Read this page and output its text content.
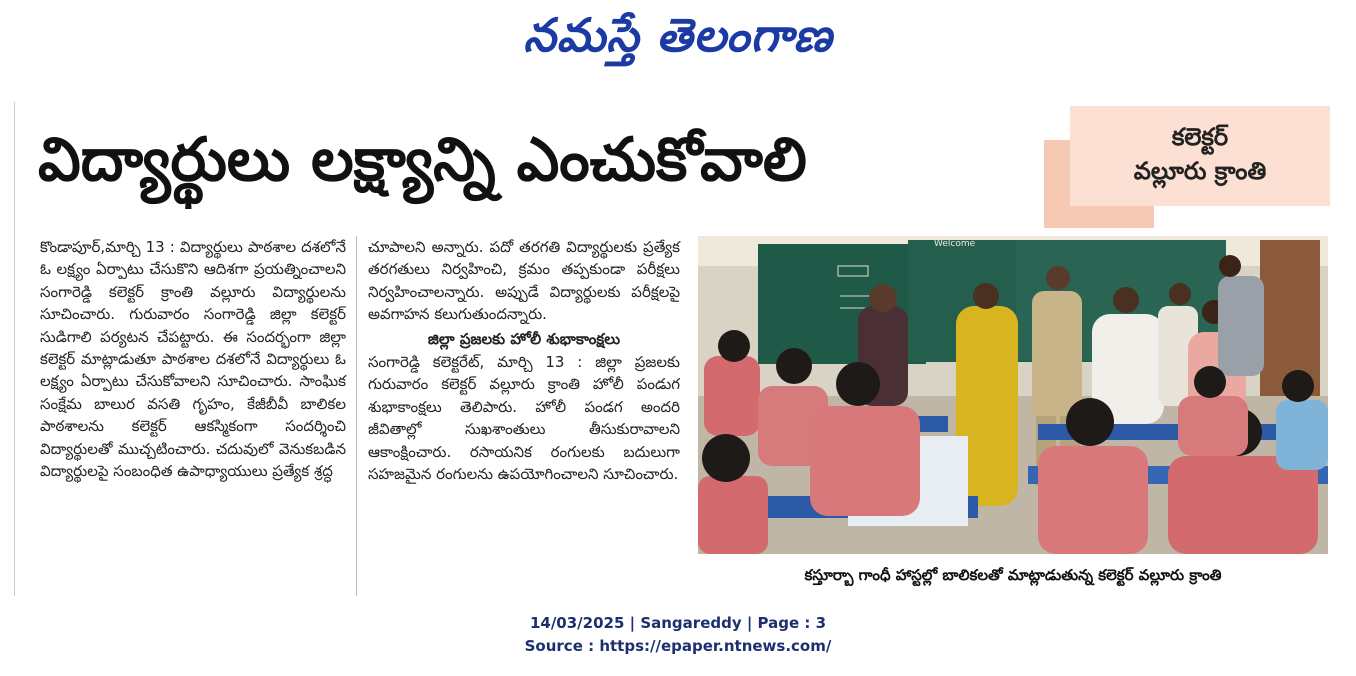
నమస్తే తెలంగాణ
విద్యార్థులు లక్ష్యాన్ని ఎంచుకోవాలి	కలెక్టర్
వల్లూరు క్రాంతి

కొండాపూర్,మార్చి 13 : విద్యార్థులు పాఠశాల దశలోనే ఓ లక్ష్యం ఏర్పాటు చేసుకొని ఆదిశగా ప్రయత్నించాలని సంగారెడ్డి కలెక్టర్ క్రాంతి వల్లూరు విద్యార్థులను సూచించారు. గురువారం సంగారెడ్డి జిల్లా కలెక్టర్ సుడిగాలి పర్యటన చేపట్టారు. ఈ సందర్భంగా జిల్లా కలెక్టర్ మాట్లాడుతూ పాఠశాల దశలోనే విద్యార్థులు ఓ లక్ష్యం ఏర్పాటు చేసుకోవాలని సూచించారు. సాంఘిక సంక్షేమ బాలుర వసతి గృహం, కేజీబీవీ బాలికల పాఠశాలను కలెక్టర్ ఆకస్మికంగా సందర్శించి విద్యార్థులతో ముచ్చటించారు. చదువులో వెనుకబడిన విద్యార్థులపై సంబంధిత ఉపాధ్యాయులు ప్రత్యేక శ్రద్ధ

చూపాలని అన్నారు. పదో తరగతి విద్యార్థులకు ప్రత్యేక తరగతులు నిర్వహించి, క్రమం తప్పకుండా పరీక్షలు నిర్వహించాలన్నారు. అప్పుడే విద్యార్థులకు పరీక్షలపై అవగాహన కలుగుతుందన్నారు.

జిల్లా ప్రజలకు హోలీ శుభాకాంక్షలు

సంగారెడ్డి కలెక్టరేట్, మార్చి 13 : జిల్లా ప్రజలకు గురువారం కలెక్టర్ వల్లూరు క్రాంతి హోలీ పండుగ శుభాకాంక్షలు తెలిపారు. హోలీ పండగ అందరి జీవితాల్లో సుఖశాంతులు తీసుకురావాలని ఆకాంక్షించారు. రసాయనిక రంగులకు బదులుగా సహజమైన రంగులను ఉపయోగించాలని సూచించారు.

Welcome
కస్తూర్బా గాంధీ హాస్టల్లో బాలికలతో మాట్లాడుతున్న కలెక్టర్ వల్లూరు క్రాంతి
14/03/2025 | Sangareddy | Page : 3
Source : https://epaper.ntnews.com/
